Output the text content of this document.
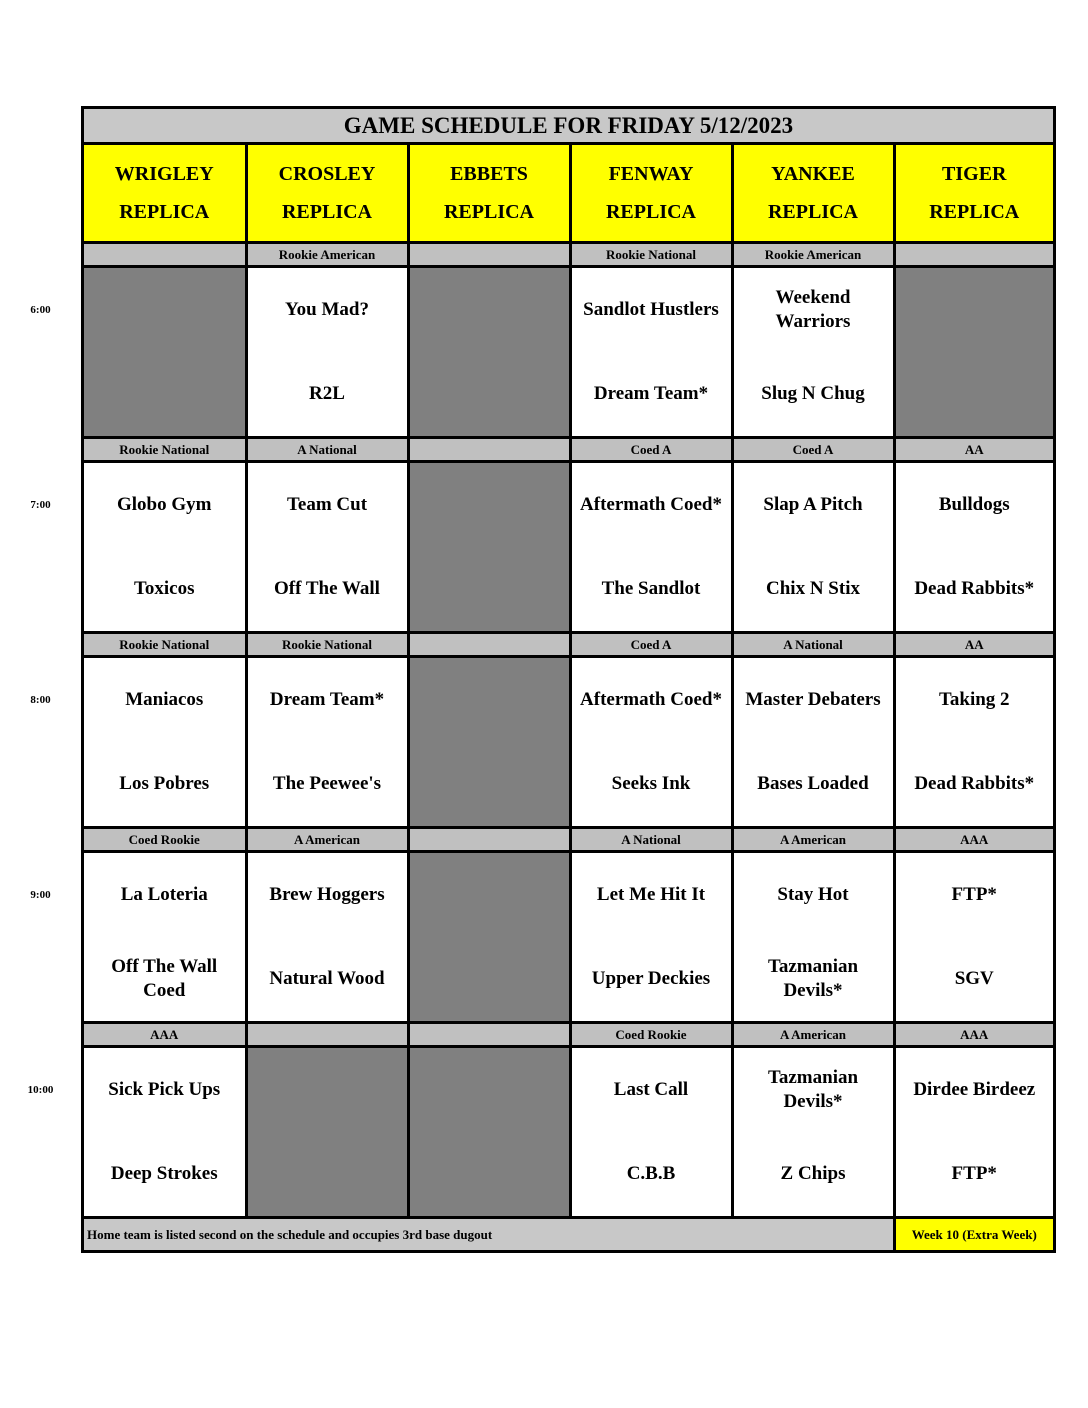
6:00
7:00
8:00
9:00
10:00
GAME SCHEDULE FOR FRIDAY 5/12/2023
WRIGLEY
REPLICA
CROSLEY
REPLICA
EBBETS
REPLICA
FENWAY
REPLICA
YANKEE
REPLICA
TIGER
REPLICA
Rookie American
You Mad?
R2L
Rookie National
Sandlot Hustlers
Dream Team*
Rookie American
Weekend Warriors
Slug N Chug
Rookie National
Globo Gym
Toxicos
A National
Team Cut
Off The Wall
Coed A
Aftermath Coed*
The Sandlot
Coed A
Slap A Pitch
Chix N Stix
AA
Bulldogs
Dead Rabbits*
Rookie National
Maniacos
Los Pobres
Rookie National
Dream Team*
The Peewee's
Coed A
Aftermath Coed*
Seeks Ink
A National
Master Debaters
Bases Loaded
AA
Taking 2
Dead Rabbits*
Coed Rookie
La Loteria
Off The Wall Coed
A American
Brew Hoggers
Natural Wood
A National
Let Me Hit It
Upper Deckies
A American
Stay Hot
Tazmanian Devils*
AAA
FTP*
SGV
AAA
Sick Pick Ups
Deep Strokes
Coed Rookie
Last Call
C.B.B
A American
Tazmanian Devils*
Z Chips
AAA
Dirdee Birdeez
FTP*
Home team is listed second on the schedule and occupies 3rd base dugout	Week 10 (Extra Week)
